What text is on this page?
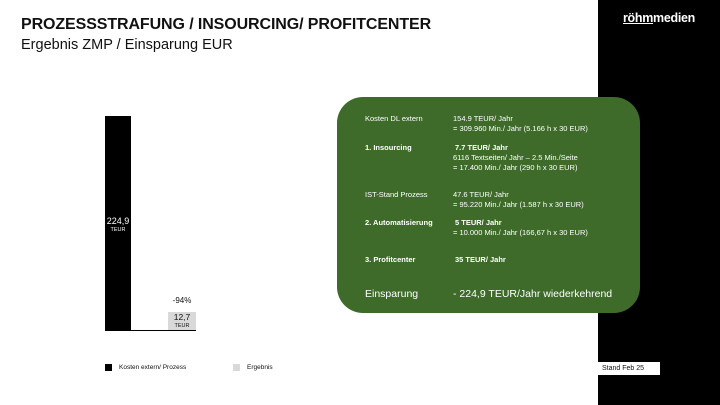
röhmmedien
PROZESSSTRAFUNG / INSOURCING/ PROFITCENTER
Ergebnis ZMP / Einsparung EUR
224,9
TEUR
-94%
12,7
TEUR
Kosten extern/ Prozess	Ergebnis	Stand Feb 25
Kosten DL extern	154.9 TEUR/ Jahr
= 309.960 Min./ Jahr (5.166 h x 30 EUR)
1. Insourcing	7.7 TEUR/ Jahr
6116 Textseiten/ Jahr – 2.5 Min./Seite
= 17.400 Min./ Jahr (290 h x 30 EUR)
IST-Stand Prozess	47.6 TEUR/ Jahr
= 95.220 Min./ Jahr (1.587 h x 30 EUR)
2. Automatisierung	5 TEUR/ Jahr
= 10.000 Min./ Jahr (166,67 h x 30 EUR)
3. Profitcenter	35 TEUR/ Jahr
Einsparung	- 224,9 TEUR/Jahr wiederkehrend
